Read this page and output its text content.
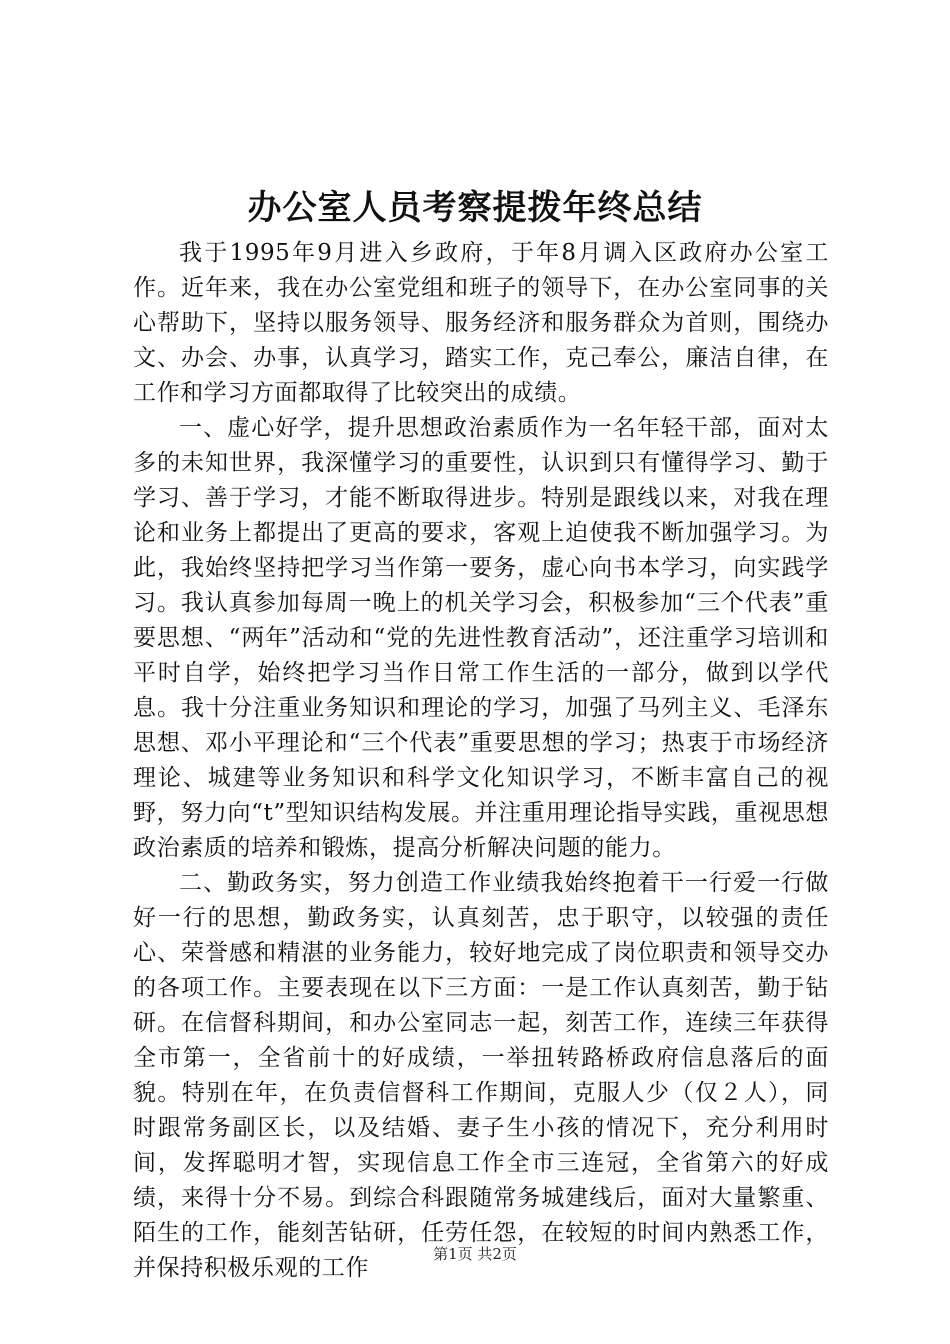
办公室人员考察提拨年终总结

我于1995年9月进入乡政府，于年8月调入区政府办公室工作。近年来，我在办公室党组和班子的领导下，在办公室同事的关心帮助下，坚持以服务领导、服务经济和服务群众为首则，围绕办文、办会、办事，认真学习，踏实工作，克己奉公，廉洁自律，在工作和学习方面都取得了比较突出的成绩。

一、虚心好学，提升思想政治素质作为一名年轻干部，面对太多的未知世界，我深懂学习的重要性，认识到只有懂得学习、勤于学习、善于学习，才能不断取得进步。特别是跟线以来，对我在理论和业务上都提出了更高的要求，客观上迫使我不断加强学习。为此，我始终坚持把学习当作第一要务，虚心向书本学习，向实践学习。我认真参加每周一晚上的机关学习会，积极参加“三个代表”重要思想、“两年”活动和“党的先进性教育活动”，还注重学习培训和平时自学，始终把学习当作日常工作生活的一部分，做到以学代息。我十分注重业务知识和理论的学习，加强了马列主义、毛泽东思想、邓小平理论和“三个代表”重要思想的学习；热衷于市场经济理论、城建等业务知识和科学文化知识学习，不断丰富自己的视野，努力向“t”型知识结构发展。并注重用理论指导实践，重视思想政治素质的培养和锻炼，提高分析解决问题的能力。

二、勤政务实，努力创造工作业绩我始终抱着干一行爱一行做好一行的思想，勤政务实，认真刻苦，忠于职守，以较强的责任心、荣誉感和精湛的业务能力，较好地完成了岗位职责和领导交办的各项工作。主要表现在以下三方面：一是工作认真刻苦，勤于钻研。在信督科期间，和办公室同志一起，刻苦工作，连续三年获得全市第一，全省前十的好成绩，一举扭转路桥政府信息落后的面貌。特别在年，在负责信督科工作期间，克服人少（仅２人），同时跟常务副区长，以及结婚、妻子生小孩的情况下，充分利用时间，发挥聪明才智，实现信息工作全市三连冠，全省第六的好成绩，来得十分不易。到综合科跟随常务城建线后，面对大量繁重、陌生的工作，能刻苦钻研，任劳任怨，在较短的时间内熟悉工作，并保持积极乐观的工作

第1页 共2页
